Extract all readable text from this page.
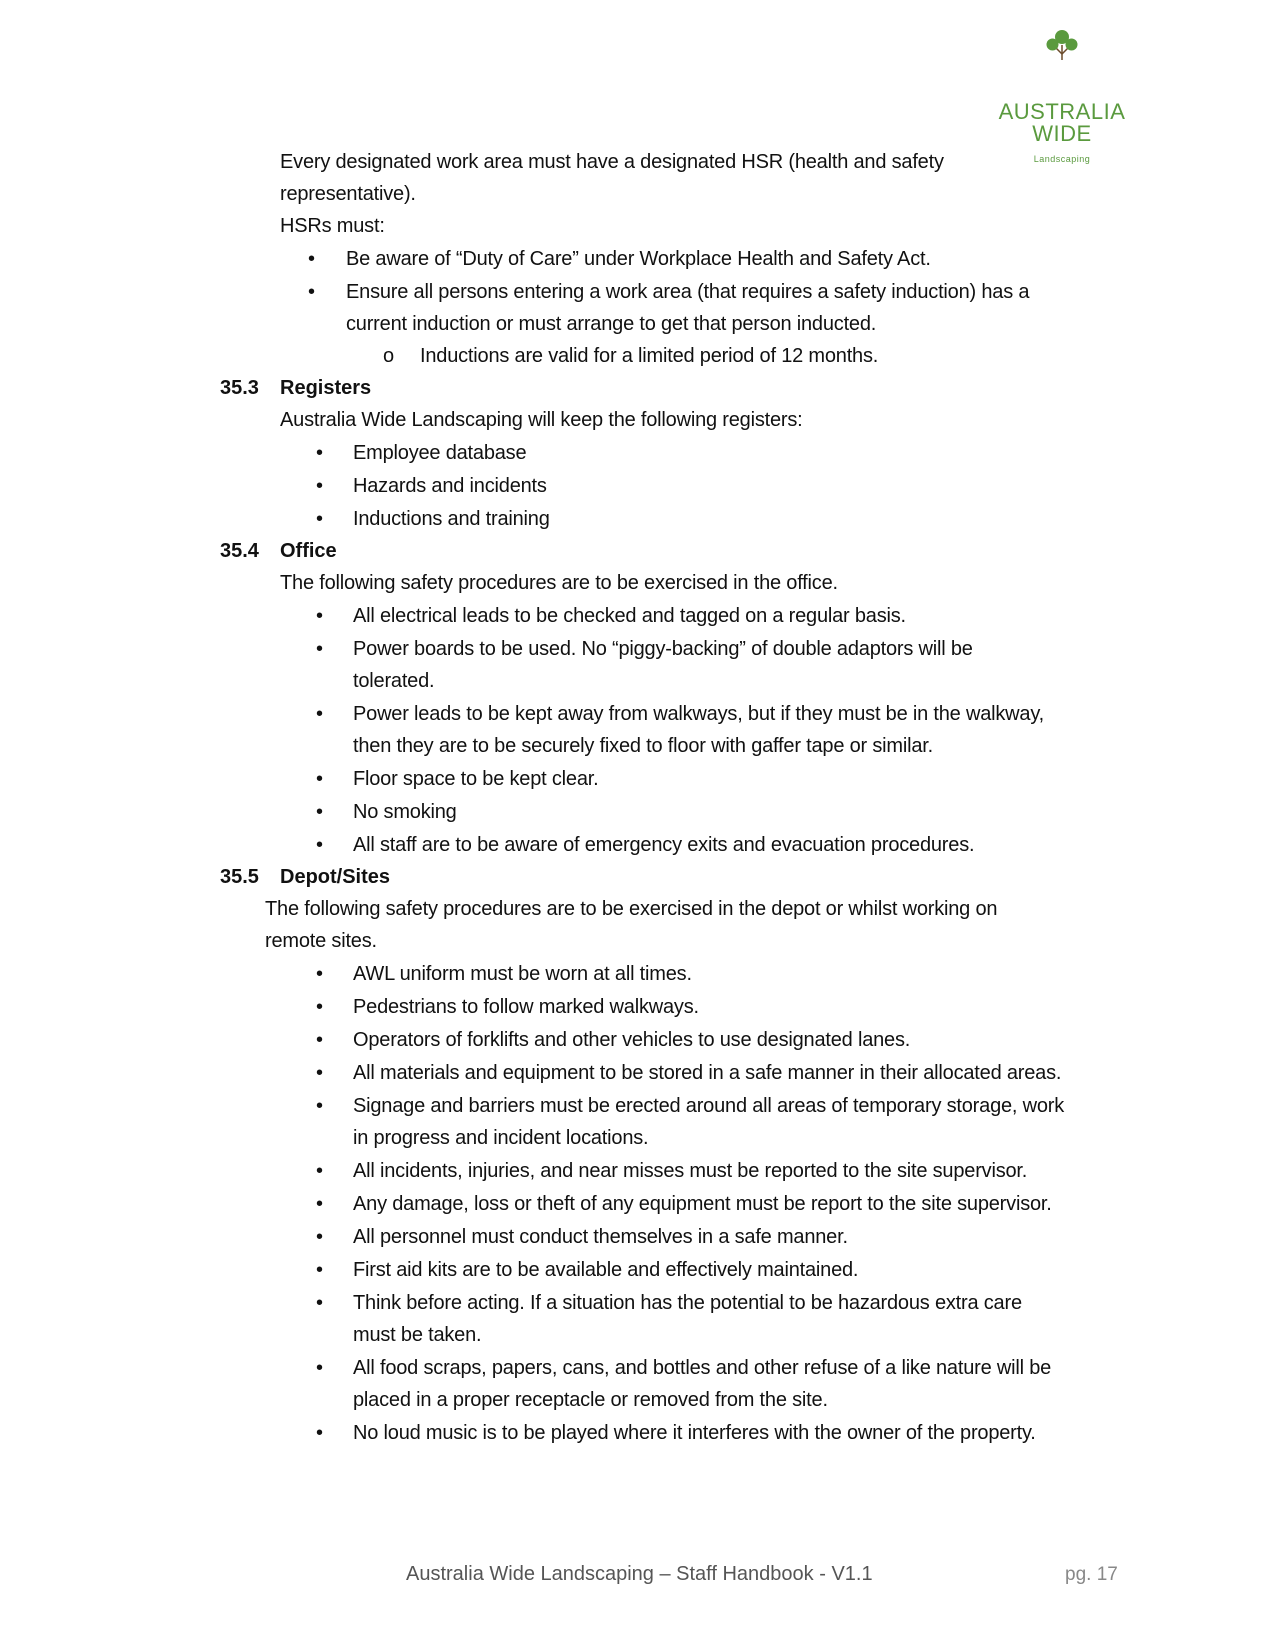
AUSTRALIA
WIDE
Landscaping
Every designated work area must have a designated HSR (health and safety
representative).
HSRs must:
• Be aware of “Duty of Care” under Workplace Health and Safety Act.
• Ensure all persons entering a work area (that requires a safety induction) has a
current induction or must arrange to get that person inducted.
o Inductions are valid for a limited period of 12 months.
35.3 Registers
Australia Wide Landscaping will keep the following registers:
• Employee database
• Hazards and incidents
• Inductions and training
35.4 Office
The following safety procedures are to be exercised in the office.
• All electrical leads to be checked and tagged on a regular basis.
• Power boards to be used. No “piggy-backing” of double adaptors will be
tolerated.
• Power leads to be kept away from walkways, but if they must be in the walkway,
then they are to be securely fixed to floor with gaffer tape or similar.
• Floor space to be kept clear.
• No smoking
• All staff are to be aware of emergency exits and evacuation procedures.
35.5 Depot/Sites
The following safety procedures are to be exercised in the depot or whilst working on
remote sites.
• AWL uniform must be worn at all times.
• Pedestrians to follow marked walkways.
• Operators of forklifts and other vehicles to use designated lanes.
• All materials and equipment to be stored in a safe manner in their allocated areas.
• Signage and barriers must be erected around all areas of temporary storage, work
in progress and incident locations.
• All incidents, injuries, and near misses must be reported to the site supervisor.
• Any damage, loss or theft of any equipment must be report to the site supervisor.
• All personnel must conduct themselves in a safe manner.
• First aid kits are to be available and effectively maintained.
• Think before acting. If a situation has the potential to be hazardous extra care
must be taken.
• All food scraps, papers, cans, and bottles and other refuse of a like nature will be
placed in a proper receptacle or removed from the site.
• No loud music is to be played where it interferes with the owner of the property.
Australia Wide Landscaping – Staff Handbook - V1.1	pg. 17
